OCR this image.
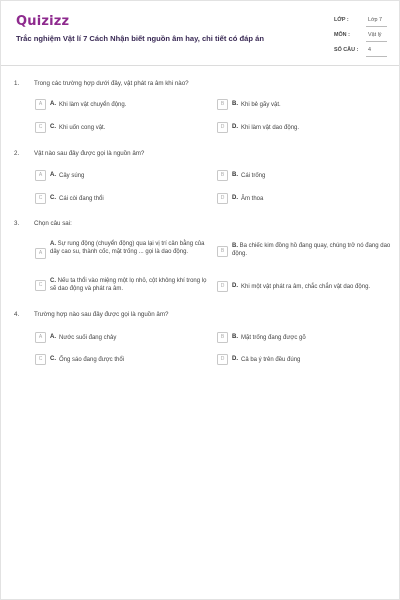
Quizizz
Trắc nghiệm Vật lí 7 Cách Nhận biết nguồn âm hay, chi tiết có đáp án
LỚP :	Lớp 7
MÔN :	Vật lý
SỐ CÂU :	4
1. Trong các trường hợp dưới đây, vật phát ra âm khi nào?
A	A. Khi làm vật chuyển động.	B	B. Khi bẻ gãy vật.
C	C. Khi uốn cong vật.	D	D. Khi làm vật dao động.
2. Vật nào sau đây được gọi là nguồn âm?
A	A. Cây súng	B	B. Cái trống
C	C. Cái còi đang thổi	D	D. Âm thoa
3. Chọn câu sai:
A
A. Sự rung động (chuyển động) qua lại vị trí cân bằng của dây cao su, thành cốc, mặt trống ... gọi là dao động.	B
B. Ba chiếc kim đồng hồ đang quay, chúng trở nó đang dao động.
C
C. Nếu ta thổi vào miệng một lọ nhỏ, cột không khí trong lọ sẽ dao động và phát ra âm.
D	D. Khi một vật phát ra âm, chắc chắn vật dao động.
4. Trường hợp nào sau đây được gọi là nguồn âm?
A	A. Nước suối đang chảy	B	B. Mặt trống đang được gõ
C	C. Ống sáo đang được thổi	D	D. Cả ba ý trên đều đúng
